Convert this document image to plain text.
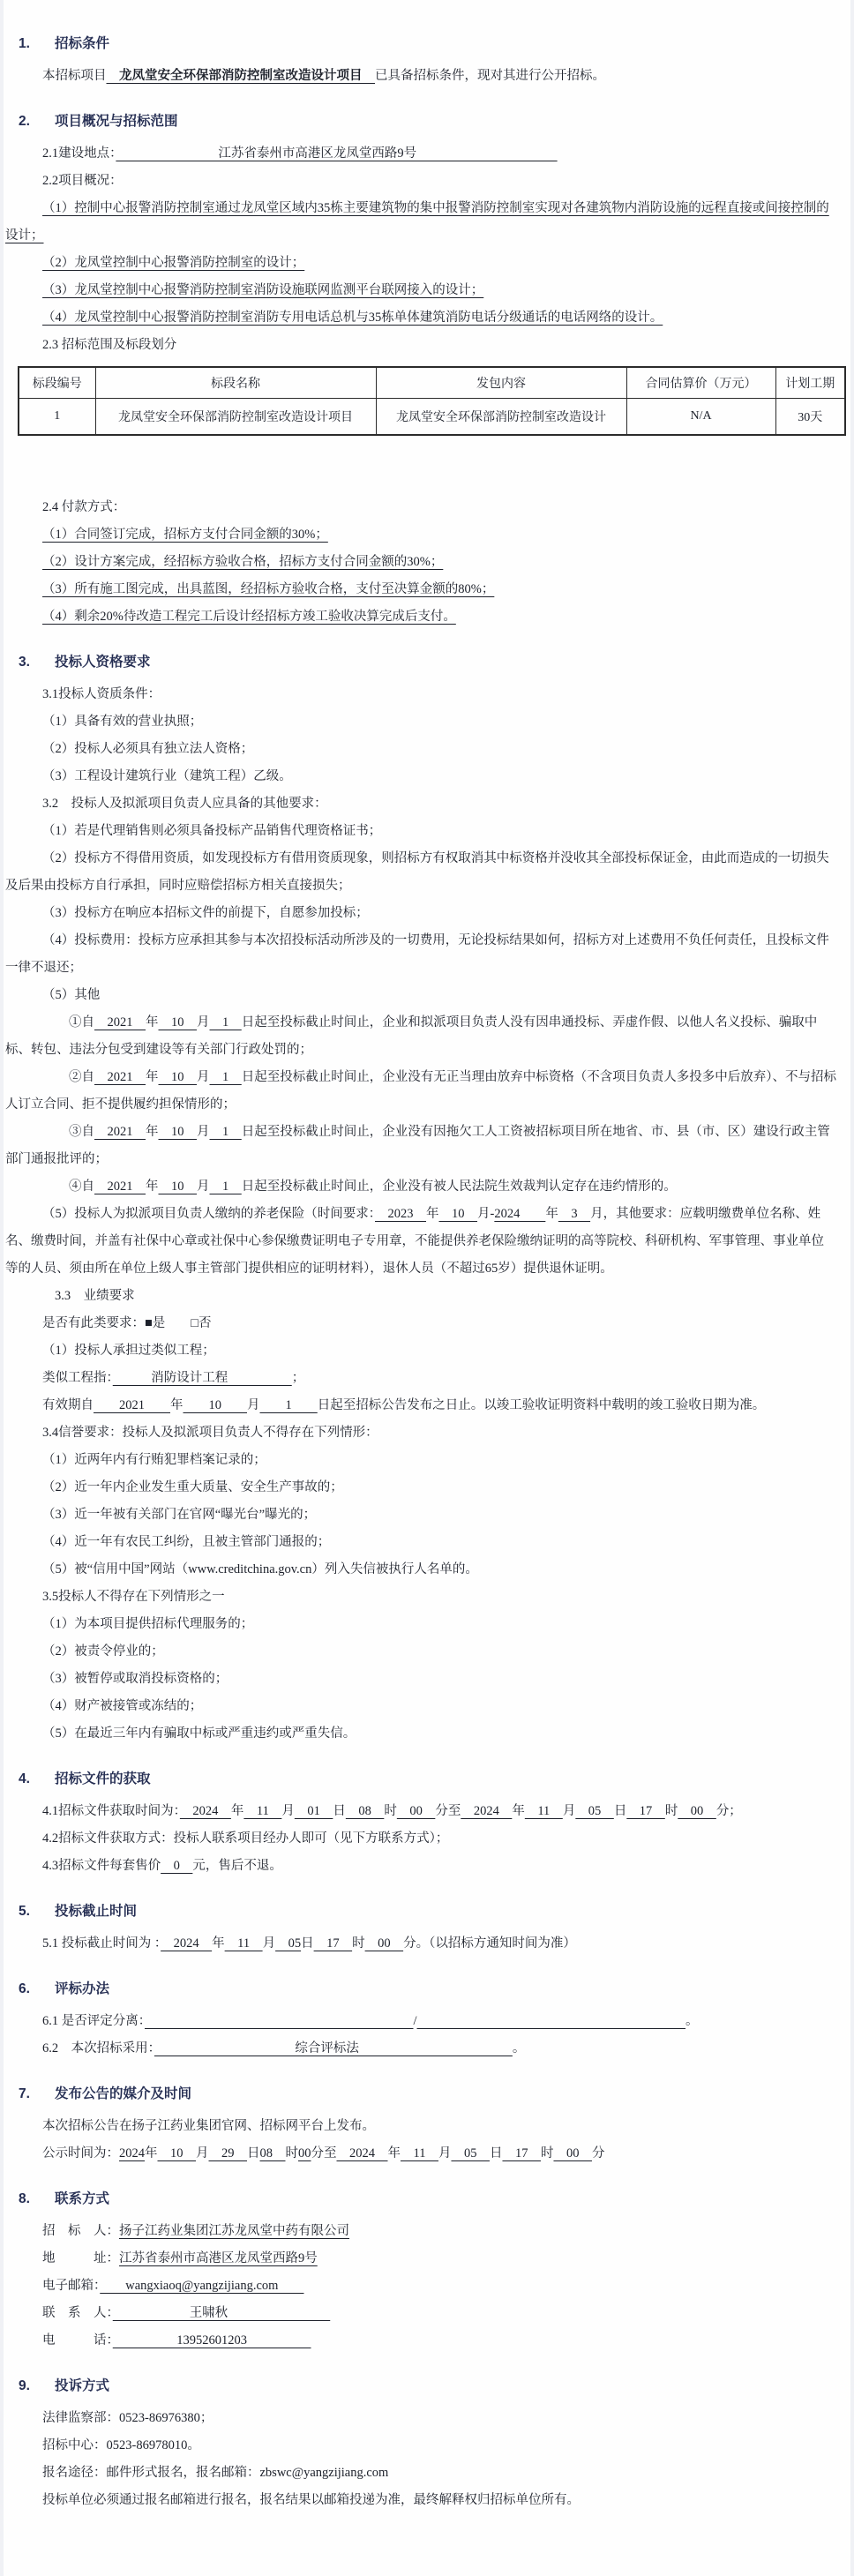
1.	招标条件

本招标项目　龙凤堂安全环保部消防控制室改造设计项目　已具备招标条件，现对其进行公开招标。

2.	项目概况与招标范围

2.1建设地点：　　　　　　　　江苏省泰州市高港区龙凤堂西路9号　　　　　　　　　　　

2.2项目概况：

（1）控制中心报警消防控制室通过龙凤堂区域内35栋主要建筑物的集中报警消防控制室实现对各建筑物内消防设施的远程直接或间接控制的设计；

（2）龙凤堂控制中心报警消防控制室的设计；

（3）龙凤堂控制中心报警消防控制室消防设施联网监测平台联网接入的设计；

（4）龙凤堂控制中心报警消防控制室消防专用电话总机与35栋单体建筑消防电话分级通话的电话网络的设计。

2.3 招标范围及标段划分

标段编号	标段名称	发包内容	合同估算价（万元）	计划工期
1	龙凤堂安全环保部消防控制室改造设计项目	龙凤堂安全环保部消防控制室改造设计	N/A	30天

2.4 付款方式：

（1）合同签订完成，招标方支付合同金额的30%；

（2）设计方案完成，经招标方验收合格，招标方支付合同金额的30%；

（3）所有施工图完成，出具蓝图，经招标方验收合格，支付至决算金额的80%；

（4）剩余20%待改造工程完工后设计经招标方竣工验收决算完成后支付。

3.	投标人资格要求

3.1投标人资质条件：

（1）具备有效的营业执照；

（2）投标人必须具有独立法人资格；

（3）工程设计建筑行业（建筑工程）乙级。

3.2　投标人及拟派项目负责人应具备的其他要求：

（1）若是代理销售则必须具备投标产品销售代理资格证书；

（2）投标方不得借用资质，如发现投标方有借用资质现象，则招标方有权取消其中标资格并没收其全部投标保证金，由此而造成的一切损失及后果由投标方自行承担，同时应赔偿招标方相关直接损失；

（3）投标方在响应本招标文件的前提下，自愿参加投标；

（4）投标费用：投标方应承担其参与本次招投标活动所涉及的一切费用，无论投标结果如何，招标方对上述费用不负任何责任，且投标文件一律不退还；

（5）其他

①自　2021　年　10　月　1　日起至投标截止时间止，企业和拟派项目负责人没有因串通投标、弄虚作假、以他人名义投标、骗取中标、转包、违法分包受到建设等有关部门行政处罚的；

②自　2021　年　10　月　1　日起至投标截止时间止，企业没有无正当理由放弃中标资格（不含项目负责人多投多中后放弃）、不与招标人订立合同、拒不提供履约担保情形的；

③自　2021　年　10　月　1　日起至投标截止时间止，企业没有因拖欠工人工资被招标项目所在地省、市、县（市、区）建设行政主管部门通报批评的；

④自　2021　年　10　月　1　日起至投标截止时间止，企业没有被人民法院生效裁判认定存在违约情形的。

（5）投标人为拟派项目负责人缴纳的养老保险（时间要求：　2023　年　10　月-2024　　年　3　月，其他要求：应载明缴费单位名称、姓名、缴费时间，并盖有社保中心章或社保中心参保缴费证明电子专用章，不能提供养老保险缴纳证明的高等院校、科研机构、军事管理、事业单位等的人员、须由所在单位上级人事主管部门提供相应的证明材料），退休人员（不超过65岁）提供退休证明。

3.3　业绩要求

是否有此类要求：■是　　□否

（1）投标人承担过类似工程；

类似工程指：　　　消防设计工程　　　　　；

有效期自　　2021　　年　　10　　月　　1　　日起至招标公告发布之日止。以竣工验收证明资料中载明的竣工验收日期为准。

3.4信誉要求：投标人及拟派项目负责人不得存在下列情形：

（1）近两年内有行贿犯罪档案记录的；

（2）近一年内企业发生重大质量、安全生产事故的；

（3）近一年被有关部门在官网“曝光台”曝光的；

（4）近一年有农民工纠纷，且被主管部门通报的；

（5）被“信用中国”网站（www.creditchina.gov.cn）列入失信被执行人名单的。

3.5投标人不得存在下列情形之一

（1）为本项目提供招标代理服务的；

（2）被责令停业的；

（3）被暂停或取消投标资格的；

（4）财产被接管或冻结的；

（5）在最近三年内有骗取中标或严重违约或严重失信。

4.	招标文件的获取

4.1招标文件获取时间为：　2024　年　11　月　01　日　08　时　00　分至　2024　年　11　月　05　日　17　时　00　分；

4.2招标文件获取方式：投标人联系项目经办人即可（见下方联系方式）；

4.3招标文件每套售价　0　元，售后不退。

5.	投标截止时间

5.1 投标截止时间为 ：　2024　年　11　月　05日　17　时　00　分。（以招标方通知时间为准）

6.	评标办法

6.1 是否评定分离：　　　　　　　　　　　　　　　　　　　　　	/　　　　　　　　　　　　　　　　　　　　　	。

6.2　本次招标采用：　　　　　　　　　　　综合评标法　　　　　　　　　　　　。

7.	发布公告的媒介及时间

本次招标公告在扬子江药业集团官网、招标网平台上发布。

公示时间为：2024年　10　月　29　日08　时00分至　2024　年　11　月　05　日　17　时　00　分

8.	联系方式

招　标　人：扬子江药业集团江苏龙凤堂中药有限公司

地　　　址：江苏省泰州市高港区龙凤堂西路9号

电子邮箱：　　wangxiaoq@yangzijiang.com　　

联　系　人：　　　　　　王啸秋　　　　　　　　

电　　　话：　　　　　13952601203　　　　　

9.	投诉方式

法律监察部：0523-86976380；

招标中心：0523-86978010。

报名途径：邮件形式报名，报名邮箱：zbswc@yangzijiang.com

投标单位必须通过报名邮箱进行报名，报名结果以邮箱投递为准，最终解释权归招标单位所有。
